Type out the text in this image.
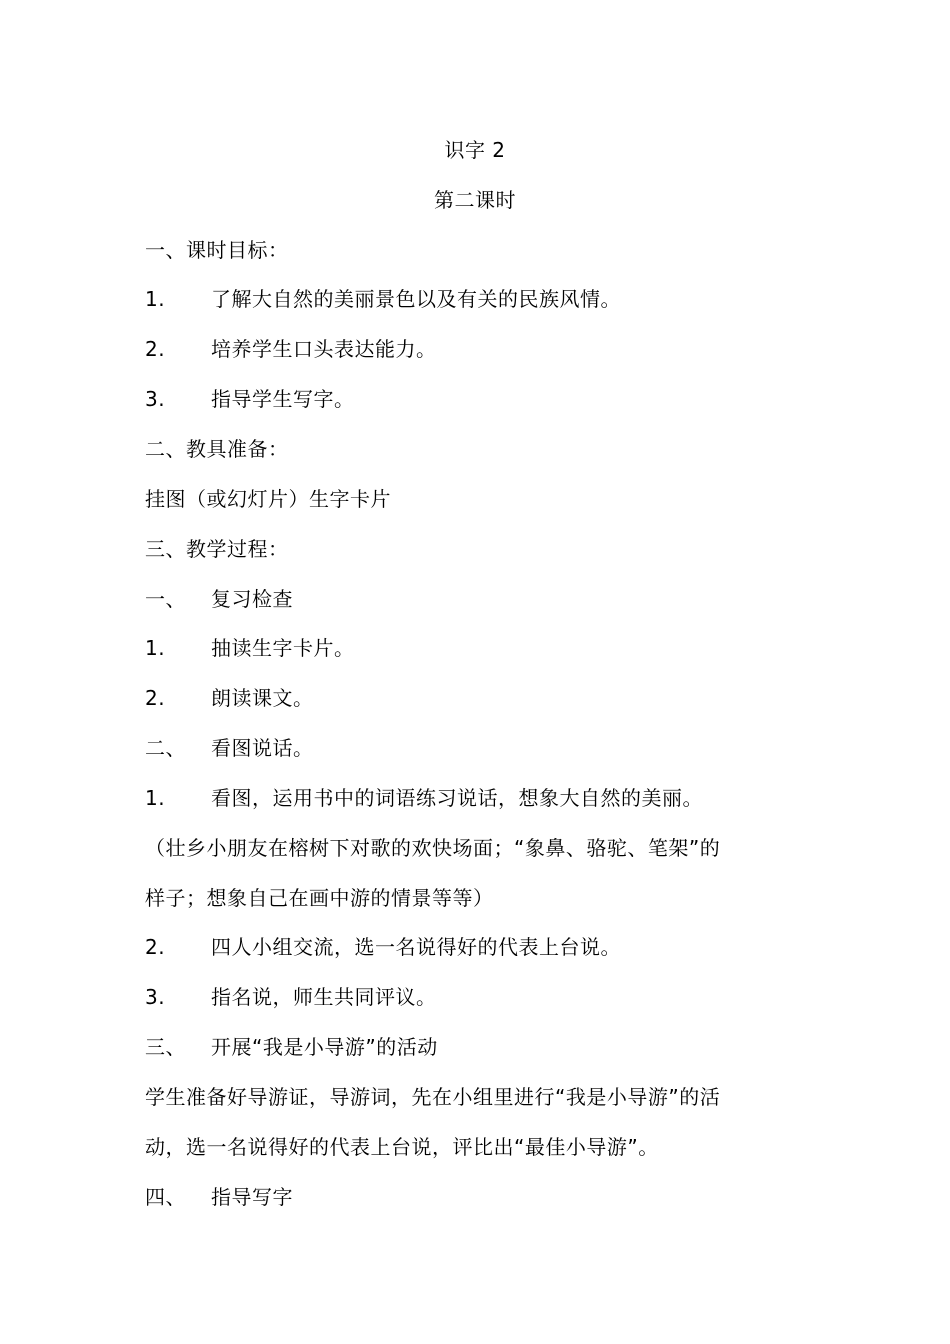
识字 2
第二课时
一、课时目标：
1. 了解大自然的美丽景色以及有关的民族风情。
2. 培养学生口头表达能力。
3. 指导学生写字。
二、教具准备：
挂图（或幻灯片）生字卡片
三、教学过程：
一、 复习检查
1. 抽读生字卡片。
2. 朗读课文。
二、 看图说话。
1. 看图，运用书中的词语练习说话，想象大自然的美丽。
（壮乡小朋友在榕树下对歌的欢快场面；“象鼻、骆驼、笔架”的
样子；想象自己在画中游的情景等等）
2. 四人小组交流，选一名说得好的代表上台说。
3. 指名说，师生共同评议。
三、 开展“我是小导游”的活动
学生准备好导游证，导游词，先在小组里进行“我是小导游”的活
动，选一名说得好的代表上台说，评比出“最佳小导游”。
四、 指导写字
